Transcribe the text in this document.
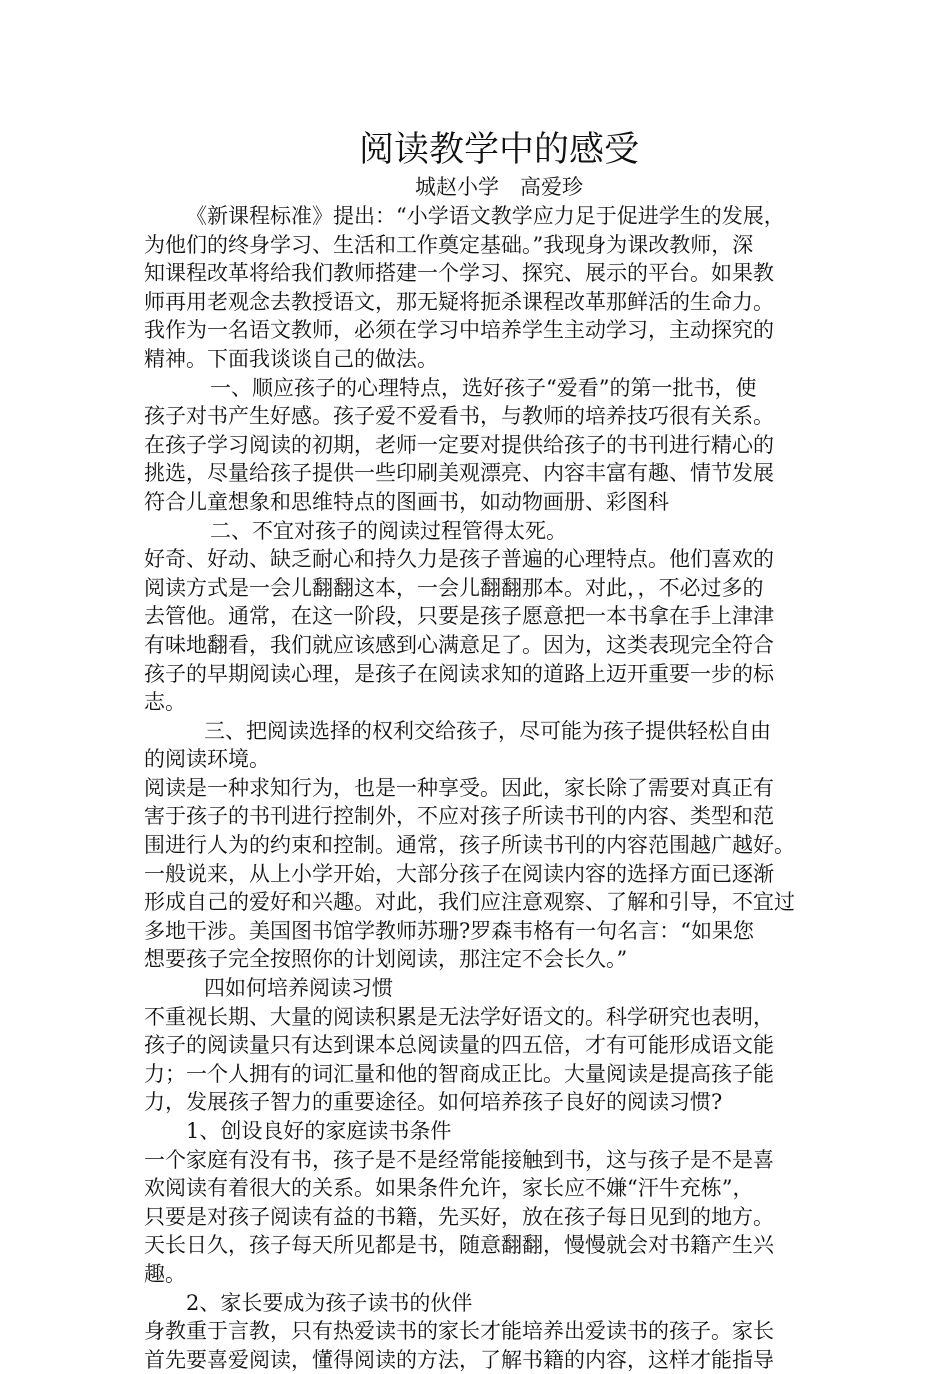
阅读教学中的感受
城赵小学　高爱珍
《新课程标准》提出：“小学语文教学应力足于促进学生的发展，
为他们的终身学习、生活和工作奠定基础。”我现身为课改教师，深
知课程改革将给我们教师搭建一个学习、探究、展示的平台。如果教
师再用老观念去教授语文，那无疑将扼杀课程改革那鲜活的生命力。
我作为一名语文教师，必须在学习中培养学生主动学习，主动探究的
精神。下面我谈谈自己的做法。
一、顺应孩子的心理特点，选好孩子“爱看”的第一批书，使
孩子对书产生好感。孩子爱不爱看书，与教师的培养技巧很有关系。
在孩子学习阅读的初期，老师一定要对提供给孩子的书刊进行精心的
挑选，尽量给孩子提供一些印刷美观漂亮、内容丰富有趣、情节发展
符合儿童想象和思维特点的图画书，如动物画册、彩图科
二、不宜对孩子的阅读过程管得太死。
好奇、好动、缺乏耐心和持久力是孩子普遍的心理特点。他们喜欢的
阅读方式是一会儿翻翻这本，一会儿翻翻那本。对此，，不必过多的
去管他。通常，在这一阶段，只要是孩子愿意把一本书拿在手上津津
有味地翻看，我们就应该感到心满意足了。因为，这类表现完全符合
孩子的早期阅读心理，是孩子在阅读求知的道路上迈开重要一步的标
志。
三、把阅读选择的权利交给孩子，尽可能为孩子提供轻松自由
的阅读环境。
阅读是一种求知行为，也是一种享受。因此，家长除了需要对真正有
害于孩子的书刊进行控制外，不应对孩子所读书刊的内容、类型和范
围进行人为的约束和控制。通常，孩子所读书刊的内容范围越广越好。
一般说来，从上小学开始，大部分孩子在阅读内容的选择方面已逐渐
形成自己的爱好和兴趣。对此，我们应注意观察、了解和引导，不宜过
多地干涉。美国图书馆学教师苏珊?罗森韦格有一句名言：“如果您
想要孩子完全按照你的计划阅读，那注定不会长久。”
四如何培养阅读习惯
不重视长期、大量的阅读积累是无法学好语文的。科学研究也表明，
孩子的阅读量只有达到课本总阅读量的四五倍，才有可能形成语文能
力；一个人拥有的词汇量和他的智商成正比。大量阅读是提高孩子能
力，发展孩子智力的重要途径。如何培养孩子良好的阅读习惯?
1、创设良好的家庭读书条件
一个家庭有没有书，孩子是不是经常能接触到书，这与孩子是不是喜
欢阅读有着很大的关系。如果条件允许，家长应不嫌“汗牛充栋”，
只要是对孩子阅读有益的书籍，先买好，放在孩子每日见到的地方。
天长日久，孩子每天所见都是书，随意翻翻，慢慢就会对书籍产生兴
趣。
2、家长要成为孩子读书的伙伴
身教重于言教，只有热爱读书的家长才能培养出爱读书的孩子。家长
首先要喜爱阅读，懂得阅读的方法，了解书籍的内容，这样才能指导
